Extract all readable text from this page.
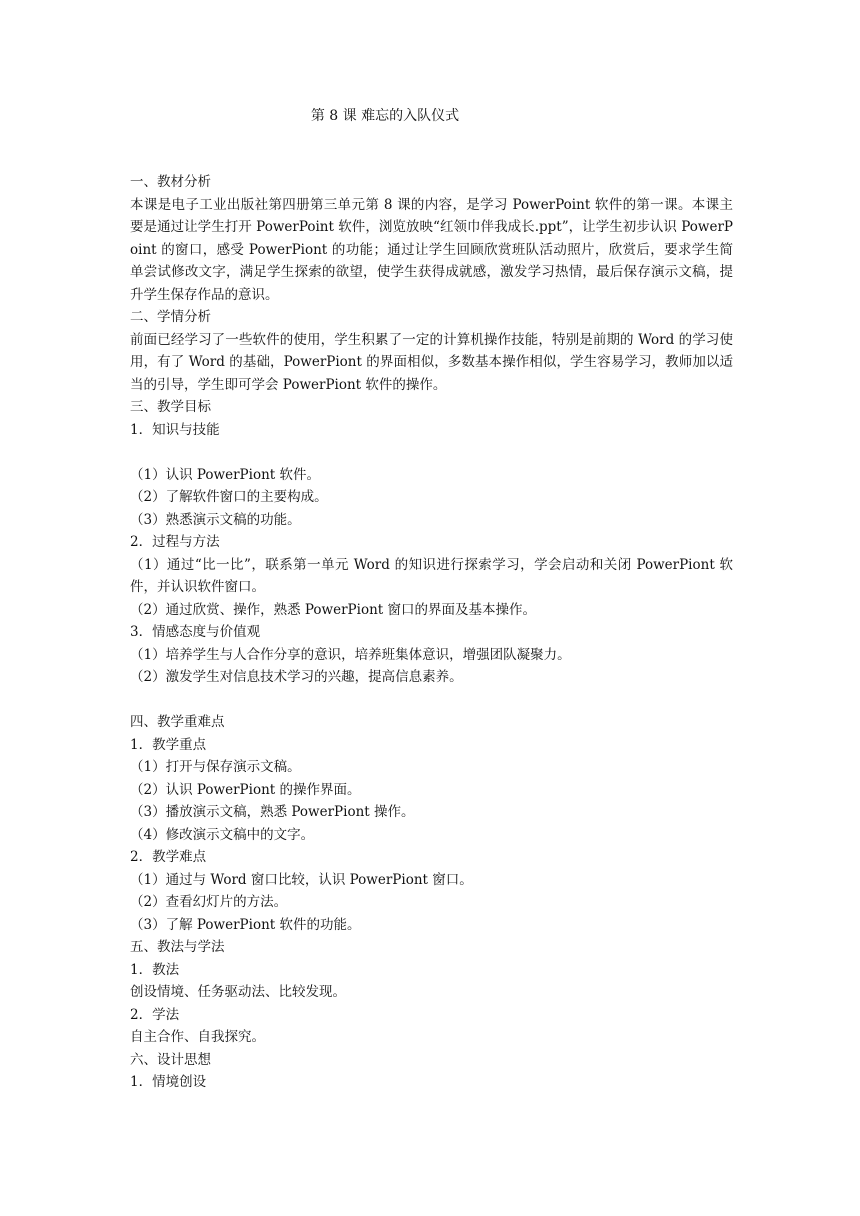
第 8 课 难忘的入队仪式
一、教材分析
本课是电子工业出版社第四册第三单元第 8 课的内容，是学习 PowerPoint 软件的第一课。本课主要是通过让学生打开 PowerPoint 软件，浏览放映“红领巾伴我成长.ppt”，让学生初步认识 PowerPoint 的窗口，感受 PowerPiont 的功能；通过让学生回顾欣赏班队活动照片，欣赏后，要求学生简单尝试修改文字，满足学生探索的欲望，使学生获得成就感，激发学习热情，最后保存演示文稿，提升学生保存作品的意识。
二、学情分析
前面已经学习了一些软件的使用，学生积累了一定的计算机操作技能，特别是前期的 Word 的学习使用，有了 Word 的基础，PowerPiont 的界面相似，多数基本操作相似，学生容易学习，教师加以适当的引导，学生即可学会 PowerPiont 软件的操作。
三、教学目标
1．知识与技能
（1）认识 PowerPiont 软件。
（2）了解软件窗口的主要构成。
（3）熟悉演示文稿的功能。
2．过程与方法
（1）通过“比一比”，联系第一单元 Word 的知识进行探索学习，学会启动和关闭 PowerPiont 软件，并认识软件窗口。
（2）通过欣赏、操作，熟悉 PowerPiont 窗口的界面及基本操作。
3．情感态度与价值观
（1）培养学生与人合作分享的意识，培养班集体意识，增强团队凝聚力。
（2）激发学生对信息技术学习的兴趣，提高信息素养。
四、教学重难点
1．教学重点
（1）打开与保存演示文稿。
（2）认识 PowerPiont 的操作界面。
（3）播放演示文稿，熟悉 PowerPiont 操作。
（4）修改演示文稿中的文字。
2．教学难点
（1）通过与 Word 窗口比较，认识 PowerPiont 窗口。
（2）查看幻灯片的方法。
（3）了解 PowerPiont 软件的功能。
五、教法与学法
1．教法
创设情境、任务驱动法、比较发现。
2．学法
自主合作、自我探究。
六、设计思想
1．情境创设
